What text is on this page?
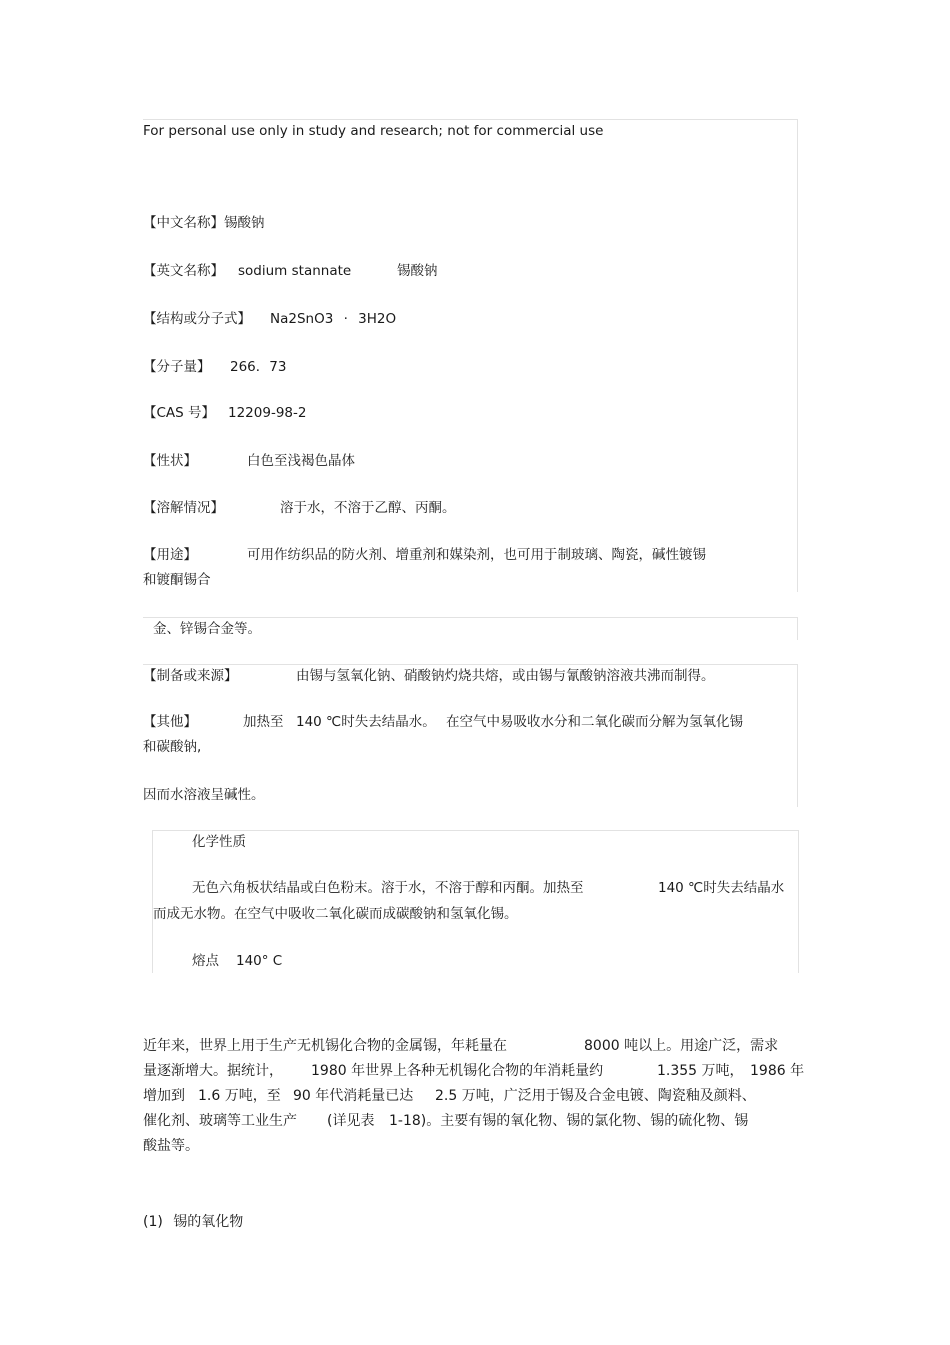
For personal use only in study and research; not for commercial use
【中文名称】锡酸钠
【英文名称】 sodium stannate	锡酸钠
【结构或分子式】 Na2SnO3 · 3H2O
【分子量】 266．73
【CAS 号】 12209-98-2
【性状】	白色至浅褐色晶体
【溶解情况】	溶于水，不溶于乙醇、丙酮。
【用途】	可用作纺织品的防火剂、增重剂和媒染剂，也可用于制玻璃、陶瓷，碱性镀锡
和镀酮锡合
金、锌锡合金等。
【制备或来源】	由锡与氢氧化钠、硝酸钠灼烧共熔，或由锡与氰酸钠溶液共沸而制得。
【其他】	加热至 140 ℃时失去结晶水。 在空气中易吸收水分和二氧化碳而分解为氢氧化锡
和碳酸钠,
因而水溶液呈碱性。
化学性质
无色六角板状结晶或白色粉末。溶于水，不溶于醇和丙酮。加热至	140 ℃时失去结晶水
而成无水物。在空气中吸收二氧化碳而成碳酸钠和氢氧化锡。
熔点 140° C
近年来，世界上用于生产无机锡化合物的金属锡，年耗量在	8000 吨以上。用途广泛，需求
量逐渐增大。据统计， 1980 年世界上各种无机锡化合物的年消耗量约	1.355 万吨， 1986 年
增加到 1.6 万吨，至 90 年代消耗量已达 2.5 万吨，广泛用于锡及合金电镀、陶瓷釉及颜料、
催化剂、玻璃等工业生产 (详见表 1-18)。主要有锡的氧化物、锡的氯化物、锡的硫化物、锡
酸盐等。
(1) 锡的氧化物
